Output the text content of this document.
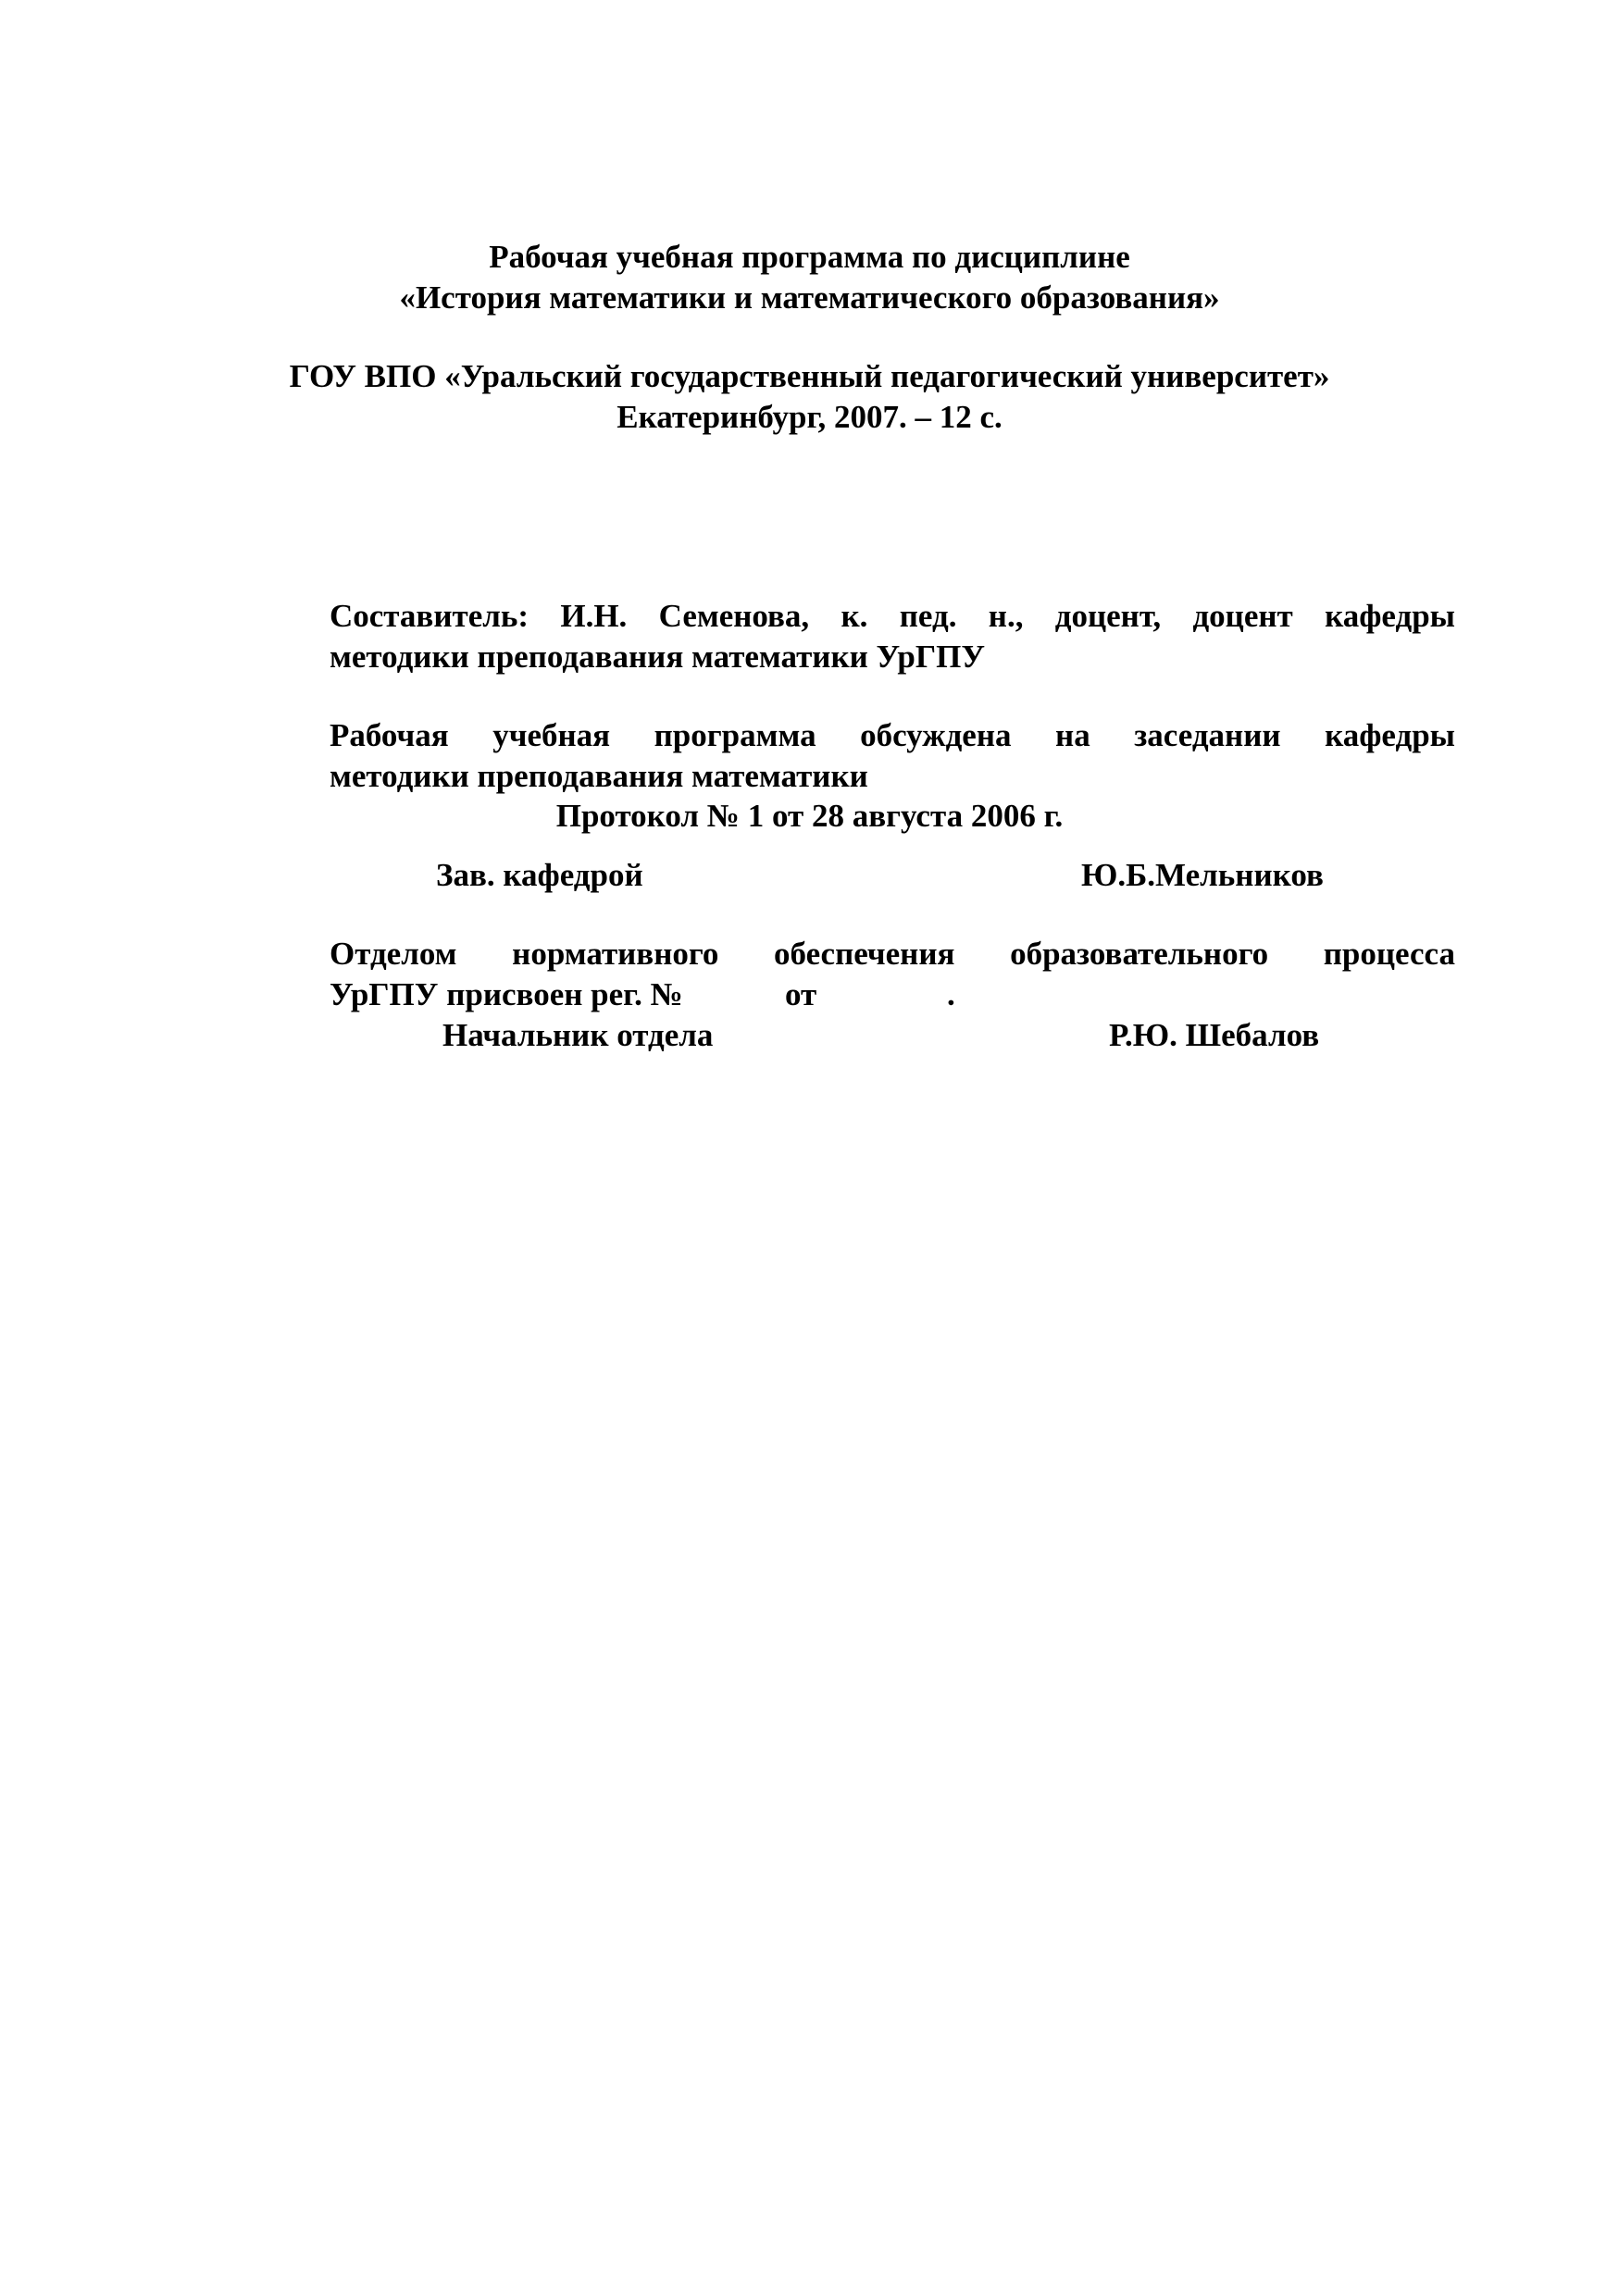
Рабочая учебная программа по дисциплине
«История математики и математического образования»
ГОУ ВПО «Уральский государственный педагогический университет»
Екатеринбург, 2007. – 12 с.
Составитель: И.Н. Семенова, к. пед. н., доцент, доцент кафедры
методики преподавания математики УрГПУ
Рабочая учебная программа обсуждена на заседании кафедры
методики преподавания математики
Протокол № 1 от 28 августа 2006 г.
Зав. кафедрой	Ю.Б.Мельников
Отделом нормативного обеспечения образовательного процесса
УрГПУ присвоен рег. №	от	.
Начальник отдела	Р.Ю. Шебалов
